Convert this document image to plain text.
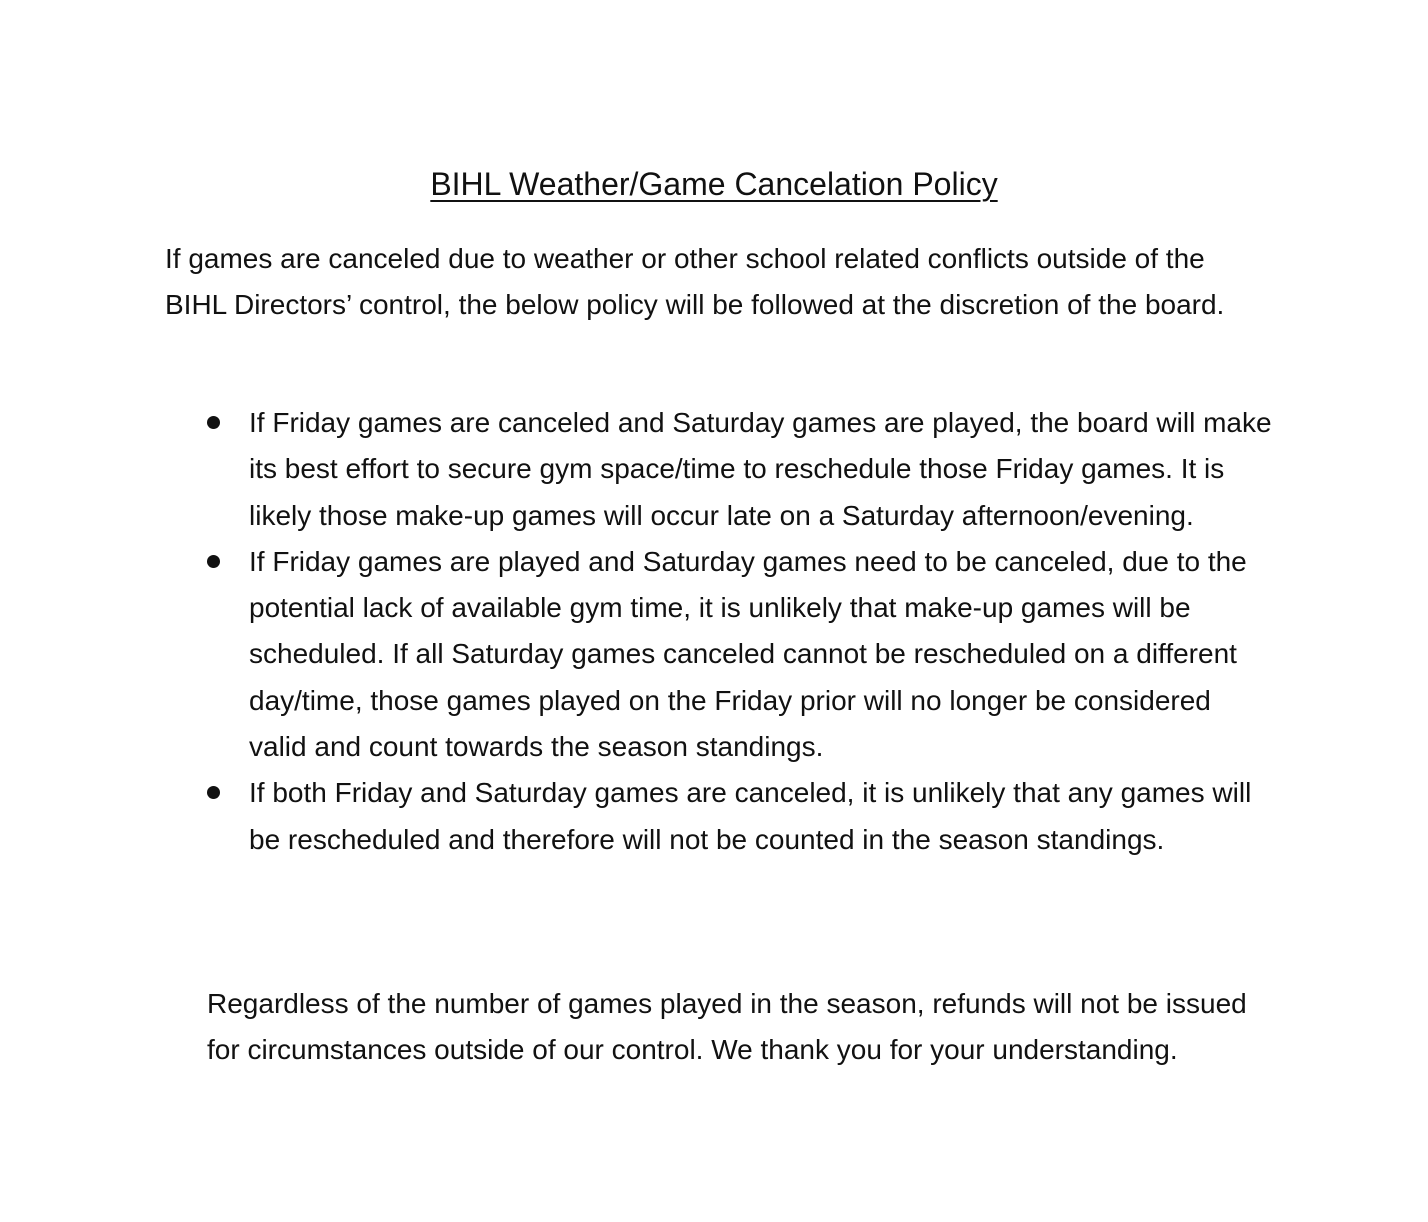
BIHL Weather/Game Cancelation Policy

If games are canceled due to weather or other school related conflicts outside of the BIHL Directors’ control, the below policy will be followed at the discretion of the board.

If Friday games are canceled and Saturday games are played, the board will make its best effort to secure gym space/time to reschedule those Friday games. It is likely those make-up games will occur late on a Saturday afternoon/evening.
If Friday games are played and Saturday games need to be canceled, due to the potential lack of available gym time, it is unlikely that make-up games will be scheduled. If all Saturday games canceled cannot be rescheduled on a different day/time, those games played on the Friday prior will no longer be considered valid and count towards the season standings.
If both Friday and Saturday games are canceled, it is unlikely that any games will be rescheduled and therefore will not be counted in the season standings.

Regardless of the number of games played in the season, refunds will not be issued for circumstances outside of our control. We thank you for your understanding.
